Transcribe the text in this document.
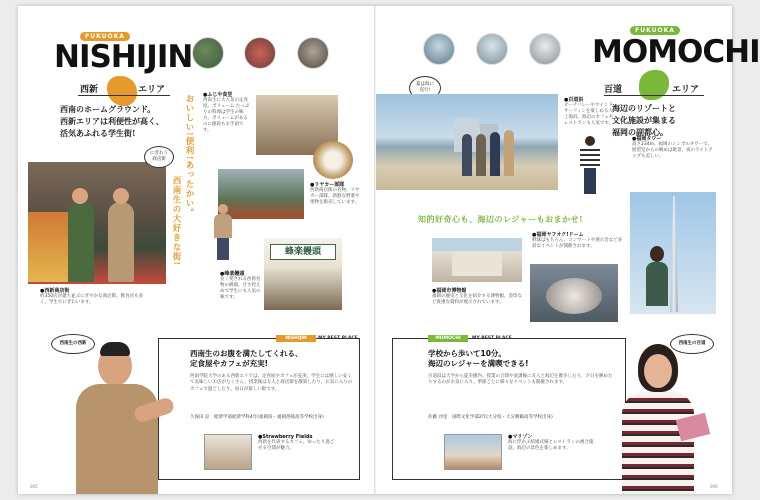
FUKUOKA
NISHIJIN
西新	エリア
西南のホームグラウンド。
西新エリアは利便性が高く、
活気あふれる学生街!
にぎわう
商店街
●西新商店街
約350店が建ち並ぶにぎやかな商店街。飲食店も多く、学生でにぎわいます。
おいしい!便利!あったかい。
西南生の大好きな街!
●ふじや食堂
西南生に大人気の定食屋。ボリューム たっぷりの料理は学生の味方。ボリュームがあるのに値段もお手頃です。
●リヤカー部隊
西新商店街の名物、リヤカー部隊。新鮮な野菜や果物を販売しています。
蜂楽饅頭
●峰楽饅頭
長く愛される西新名物の饅頭。甘さ控えめで学生にも人気の味です。
西南生の西新
NISHIJIN	MY BEST PLACE
西南生のお腹を満たしてくれる、
定食屋やカフェが充実!
西南学院大学のある西新エリアは、定食屋やカフェが充実。学生には嬉しい安くて美味しいお店がたくさん。授業後は友人と商店街を散策したり、お気に入りのカフェで過ごしたり、毎日が楽しい街です。
久保田 涼　経済学部経済学科4年(福岡県・福岡西陵高等学校出身)
●Strawberry Fields
西新を代表するカフェ。ゆったり過ごせる空間が魅力。
005
FUKUOKA
MOMOCHI
百道	エリア
海辺のリゾートと
文化施設が集まる
福岡の副都心。
夏は海に
直行!
●百道浜
ビーチバレーやウインドサーフィンを楽しめる人工海浜。海辺のカフェやレストランも人気です。
知的好奇心も、海辺のレジャーもおまかせ!
●福岡タワー
高さ234m。福岡のシンボルタワーで、展望室からの眺めは絶景。夜のライトアップも美しい。
●福岡ヤフオク!ドーム
野球はもちろん、コンサートや展示会など多彩なイベントが開催されます。
●福岡市博物館
福岡の歴史と文化を紹介する博物館。金印など貴重な資料が展示されています。
MOMOCHI	MY BEST PLACE
西南生の百道
学校から歩いて10分。
海辺のレジャーを満喫できる!
百道浜は大学から徒歩圏内。授業の合間や放課後に友人と海辺を散歩したり、夕日を眺めたりするのがお気に入り。季節ごとに様々なイベントも開催されます。
佐藤 沙里　国際文化学部2年(大分県・大分舞鶴高等学校出身)
●マリゾン
海に浮かぶ結婚式場とレストランの複合施設。海辺の景色を楽しめます。
006
